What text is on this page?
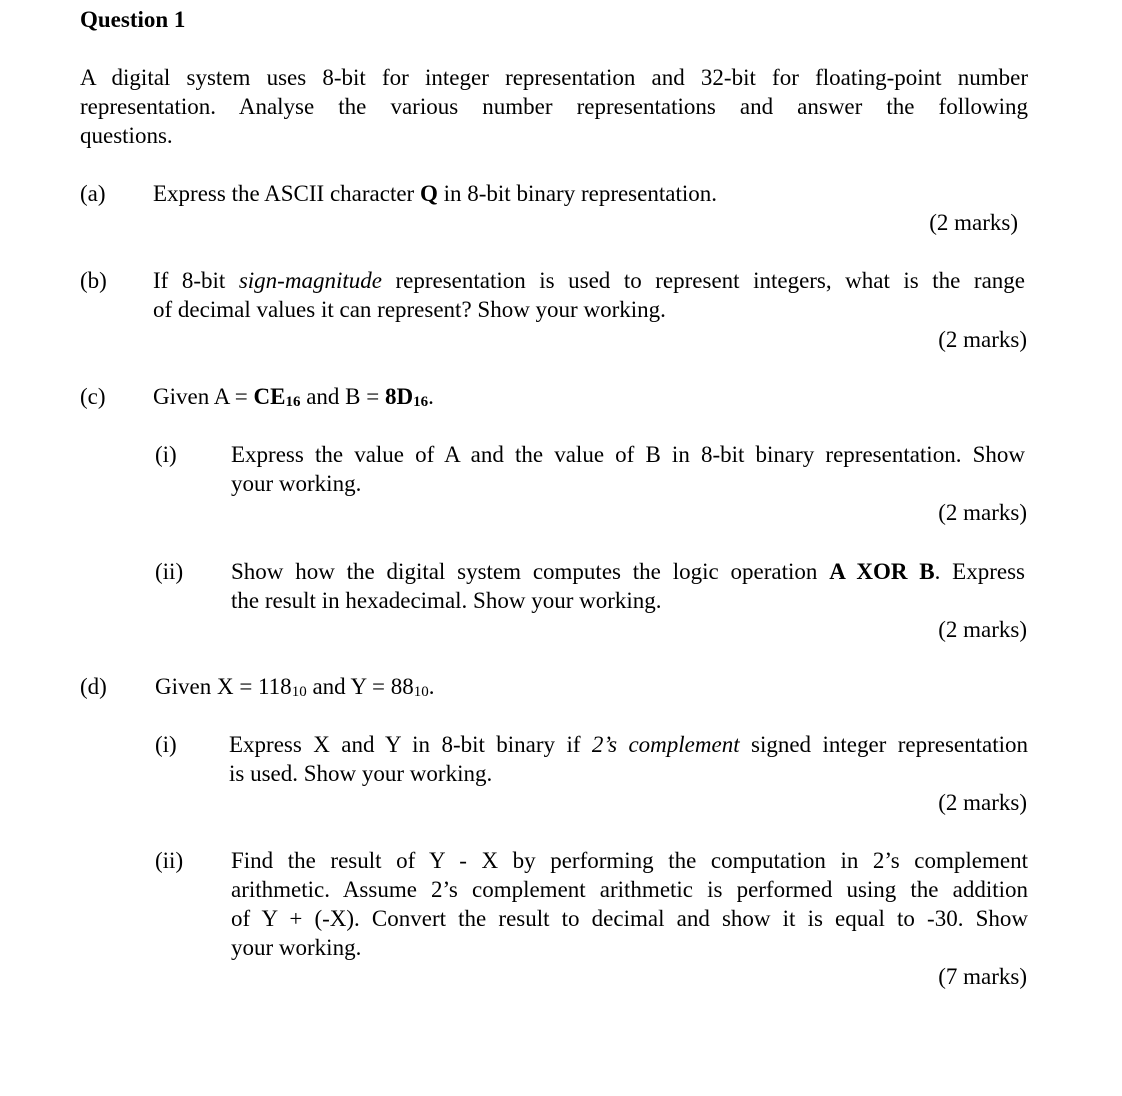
Question 1
A digital system uses 8-bit for integer representation and 32-bit for floating-point number
representation. Analyse the various number representations and answer the following
questions.
(a) Express the ASCII character Q in 8-bit binary representation.
(2 marks)
(b) If 8-bit sign-magnitude representation is used to represent integers, what is the range
of decimal values it can represent? Show your working.
(2 marks)
(c) Given $A = CE_{16}$ and $B = 8D_{16}$.
(i) Express the value of A and the value of B in 8-bit binary representation. Show
your working.
(2 marks)
(ii) Show how the digital system computes the logic operation A XOR B. Express
the result in hexadecimal. Show your working.
(2 marks)
(d) Given $X = 118_{10}$ and $Y = 88_{10}$.
(i) Express X and Y in 8-bit binary if 2’s complement signed integer representation
is used. Show your working.
(2 marks)
(ii) Find the result of Y - X by performing the computation in 2’s complement
arithmetic. Assume 2’s complement arithmetic is performed using the addition
of Y + (-X). Convert the result to decimal and show it is equal to -30. Show
your working.
(7 marks)
